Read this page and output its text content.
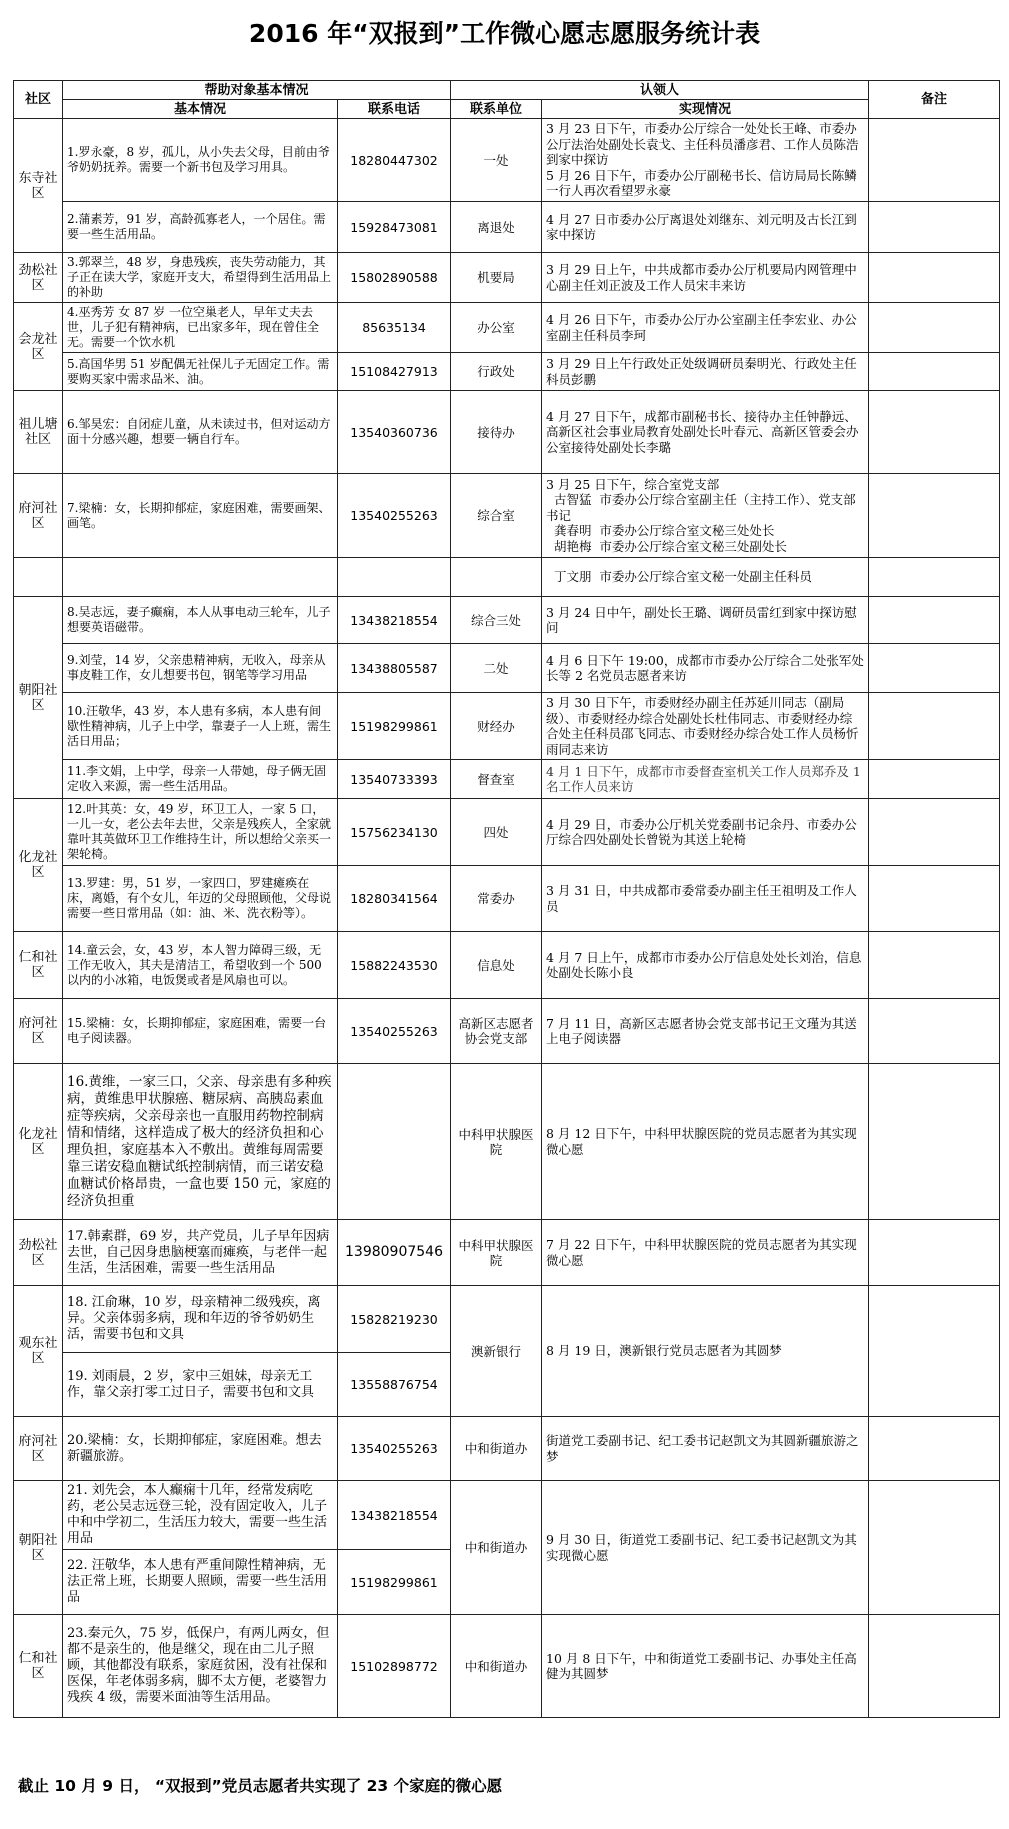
2016 年“双报到”工作微心愿志愿服务统计表
社区	帮助对象基本情况		认领人		备注
	基本情况	联系电话	联系单位	实现情况	
东寺社区	1.罗永豪，8 岁，孤儿，从小失去父母，目前由爷爷奶奶抚养。需要一个新书包及学习用具。	18280447302	一处	3 月 23 日下午，市委办公厅综合一处处长王峰、市委办公厅法治处副处长袁戈、主任科员潘彦君、工作人员陈浩到家中探访
5 月 26 日下午，市委办公厅副秘书长、信访局局长陈鳞一行人再次看望罗永豪	
	2.蒲素芳，91 岁，高龄孤寡老人，一个居住。需要一些生活用品。	15928473081	离退处	4 月 27 日市委办公厅离退处刘继东、刘元明及古长江到家中探访	
劲松社区	3.郭翠兰，48 岁，身患残疾，丧失劳动能力，其子正在读大学，家庭开支大，希望得到生活用品上的补助	15802890588	机要局	3 月 29 日上午，中共成都市委办公厅机要局内网管理中心副主任刘正波及工作人员宋丰来访	
会龙社区	4.巫秀芳 女 87 岁 一位空巢老人，早年丈夫去世，儿子犯有精神病，已出家多年，现在曾住全无。需要一个饮水机	85635134	办公室	4 月 26 日下午，市委办公厅办公室副主任李宏业、办公室副主任科员李珂	
	5.高国华男 51 岁配偶无社保儿子无固定工作。需要购买家中需求品米、油。	15108427913	行政处	3 月 29 日上午行政处正处级调研员秦明光、行政处主任科员彭鹏	
祖儿塘社区	6.邹昊宏：自闭症儿童，从未读过书，但对运动方面十分感兴趣，想要一辆自行车。	13540360736	接待办	4 月 27 日下午，成都市副秘书长、接待办主任钟静远、高新区社会事业局教育处副处长叶春元、高新区管委会办公室接待处副处长李璐	
府河社区	7.梁楠：女，长期抑郁症，家庭困难，需要画架、画笔。	13540255263	综合室	3 月 25 日下午，综合室党支部
古智猛  市委办公厅综合室副主任（主持工作）、党支部书记
龚春明  市委办公厅综合室文秘三处处长
胡艳梅  市委办公厅综合室文秘三处副处长	
				丁文朋  市委办公厅综合室文秘一处副主任科员	
朝阳社区	8.吴志远，妻子癫痫，本人从事电动三轮车，儿子想要英语磁带。	13438218554	综合三处	3 月 24 日中午，副处长王璐、调研员雷红到家中探访慰问	
	9.刘莹，14 岁，父亲患精神病，无收入，母亲从事皮鞋工作，女儿想要书包，钢笔等学习用品	13438805587	二处	4 月 6 日下午 19:00，成都市市委办公厅综合二处张军处长等 2 名党员志愿者来访	
	10.汪敬华，43 岁，本人患有多病，本人患有间歇性精神病，儿子上中学，靠妻子一人上班，需生活日用品；	15198299861	财经办	3 月 30 日下午，市委财经办副主任苏延川同志（副局级）、市委财经办综合处副处长杜伟同志、市委财经办综合处主任科员邵飞同志、市委财经办综合处工作人员杨忻雨同志来访	
	11.李文娟，上中学，母亲一人带她，母子俩无固定收入来源，需一些生活用品。	13540733393	督查室	4 月 1 日下午，成都市市委督查室机关工作人员郑乔及 1 名工作人员来访	
化龙社区	12.叶其英：女，49 岁，环卫工人，一家 5 口，一儿一女，老公去年去世，父亲是残疾人，全家就靠叶其英做环卫工作维持生计，所以想给父亲买一架轮椅。	15756234130	四处	4 月 29 日，市委办公厅机关党委副书记余丹、市委办公厅综合四处副处长曾锐为其送上轮椅	
	13.罗建：男，51 岁，一家四口，罗建瘫痪在床，离婚，有个女儿，年迈的父母照顾他，父母说需要一些日常用品（如：油、米、洗衣粉等）。	18280341564	常委办	3 月 31 日，中共成都市委常委办副主任王祖明及工作人员	
仁和社区	14.童云会，女，43 岁，本人智力障碍三级，无工作无收入，其夫是清洁工，希望收到一个 500 以内的小冰箱，电饭煲或者是风扇也可以。	15882243530	信息处	4 月 7 日上午，成都市市委办公厅信息处处长刘治，信息处副处长陈小良	
府河社区	15.梁楠：女，长期抑郁症，家庭困难，需要一台电子阅读器。	13540255263	高新区志愿者协会党支部	7 月 11 日，高新区志愿者协会党支部书记王文瑾为其送上电子阅读器	
化龙社区	16.黄维，一家三口，父亲、母亲患有多种疾病，黄维患甲状腺癌、糖尿病、高胰岛素血症等疾病，父亲母亲也一直服用药物控制病情和情绪，这样造成了极大的经济负担和心理负担，家庭基本入不敷出。黄维每周需要靠三诺安稳血糖试纸控制病情，而三诺安稳血糖试价格昂贵，一盒也要 150 元，家庭的经济负担重		中科甲状腺医院	8 月 12 日下午，中科甲状腺医院的党员志愿者为其实现微心愿	
劲松社区	17.韩素群，69 岁，共产党员，儿子早年因病去世，自己因身患脑梗塞而瘫痪，与老伴一起生活，生活困难，需要一些生活用品	13980907546	中科甲状腺医院	7 月 22 日下午，中科甲状腺医院的党员志愿者为其实现微心愿	
观东社区	18. 江俞琳，10 岁，母亲精神二级残疾，离异。父亲体弱多病，现和年迈的爷爷奶奶生活，需要书包和文具	15828219230	澳新银行	8 月 19 日，澳新银行党员志愿者为其圆梦	
	19. 刘雨晨，2 岁，家中三姐妹，母亲无工作，靠父亲打零工过日子，需要书包和文具	13558876754			
府河社区	20.梁楠：女，长期抑郁症，家庭困难。想去新疆旅游。	13540255263	中和街道办	街道党工委副书记、纪工委书记赵凯文为其圆新疆旅游之梦	
朝阳社区	21. 刘先会，本人癫痫十几年，经常发病吃药，老公吴志远登三轮，没有固定收入，儿子中和中学初二，生活压力较大，需要一些生活用品	13438218554	中和街道办	9 月 30 日，街道党工委副书记、纪工委书记赵凯文为其实现微心愿	
	22. 汪敬华，本人患有严重间隙性精神病，无法正常上班，长期要人照顾，需要一些生活用品	15198299861			
仁和社区	23.秦元久，75 岁，低保户，有两儿两女，但都不是亲生的，他是继父，现在由二儿子照顾，其他都没有联系，家庭贫困，没有社保和医保，年老体弱多病，脚不太方便，老婆智力残疾 4 级，需要米面油等生活用品。	15102898772	中和街道办	10 月 8 日下午，中和街道党工委副书记、办事处主任高健为其圆梦	
截止 10 月 9 日， “双报到”党员志愿者共实现了 23 个家庭的微心愿
